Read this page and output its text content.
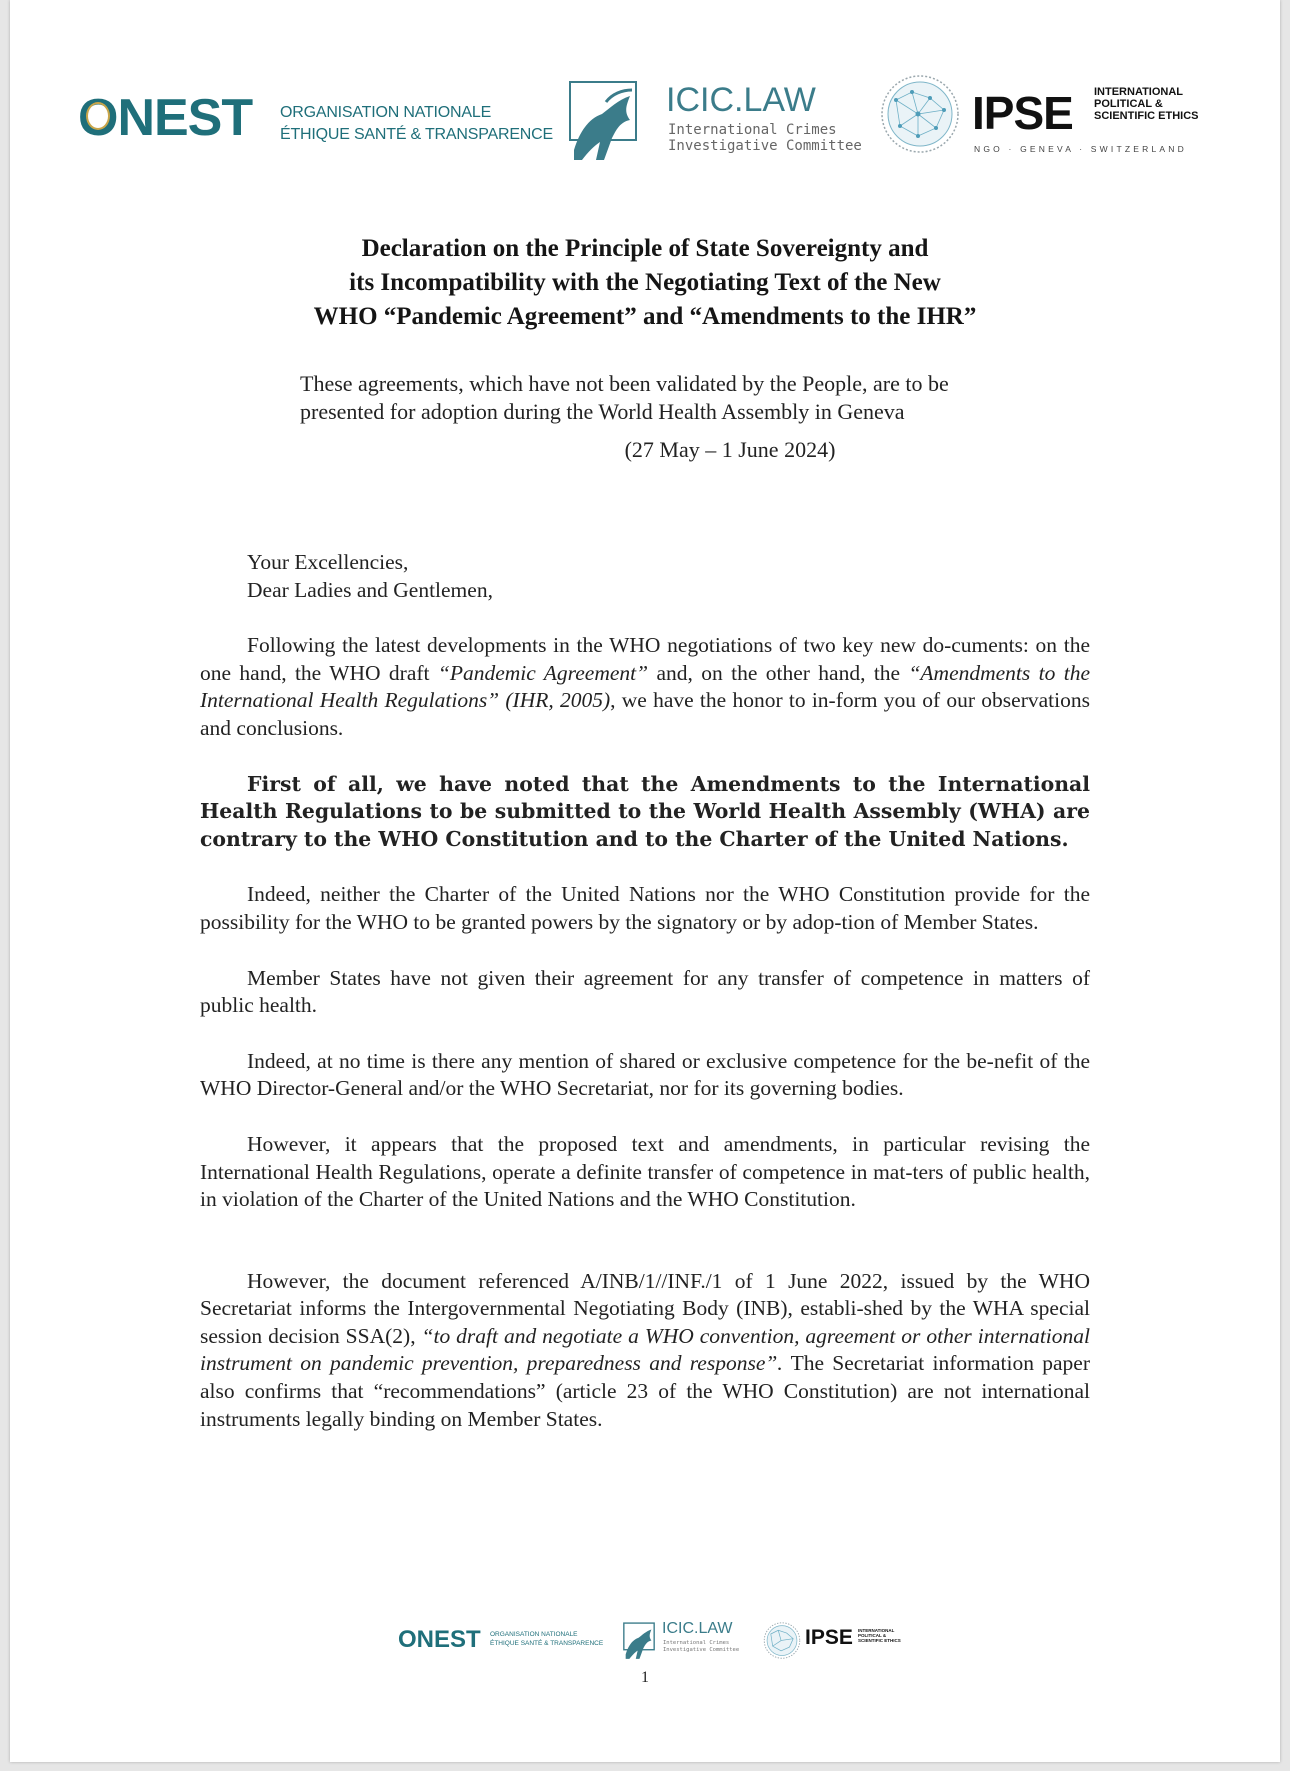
ONEST ORGANISATION NATIONALE
ÉTHIQUE SANTÉ & TRANSPARENCE
ICIC.LAW
International Crimes
Investigative Committee
IPSE INTERNATIONAL
POLITICAL &
SCIENTIFIC ETHICS
NGO · GENEVA · SWITZERLAND
Declaration on the Principle of State Sovereignty and
its Incompatibility with the Negotiating Text of the New
WHO “Pandemic Agreement” and “Amendments to the IHR”
These agreements, which have not been validated by the People, are to be
presented for adoption during the World Health Assembly in Geneva
(27 May – 1 June 2024)

Your Excellencies,

Dear Ladies and Gentlemen,

Following the latest developments in the WHO negotiations of two key new do-cuments: on the one hand, the WHO draft “Pandemic Agreement” and, on the other hand, the “Amendments to the International Health Regulations” (IHR, 2005), we have the honor to in-form you of our observations and conclusions.

First of all, we have noted that the Amendments to the International Health Regulations to be submitted to the World Health Assembly (WHA) are contrary to the WHO Constitution and to the Charter of the United Nations.

Indeed, neither the Charter of the United Nations nor the WHO Constitution provide for the possibility for the WHO to be granted powers by the signatory or by adop-tion of Member States.

Member States have not given their agreement for any transfer of competence in matters of public health.

Indeed, at no time is there any mention of shared or exclusive competence for the be-nefit of the WHO Director-General and/or the WHO Secretariat, nor for its governing bodies.

However, it appears that the proposed text and amendments, in particular revising the International Health Regulations, operate a definite transfer of competence in mat-ters of public health, in violation of the Charter of the United Nations and the WHO Constitution.

However, the document referenced A/INB/1//INF./1 of 1 June 2022, issued by the WHO Secretariat informs the Intergovernmental Negotiating Body (INB), establi-shed by the WHA special session decision SSA(2), “to draft and negotiate a WHO convention, agreement or other international instrument on pandemic prevention, preparedness and response”. The Secretariat information paper also confirms that “recommendations” (article 23 of the WHO Constitution) are not international instruments legally binding on Member States.

ONEST ORGANISATION NATIONALE
ÉTHIQUE SANTÉ & TRANSPARENCE
ICIC.LAW
International Crimes
Investigative Committee
IPSE INTERNATIONAL
POLITICAL &
SCIENTIFIC ETHICS
1
